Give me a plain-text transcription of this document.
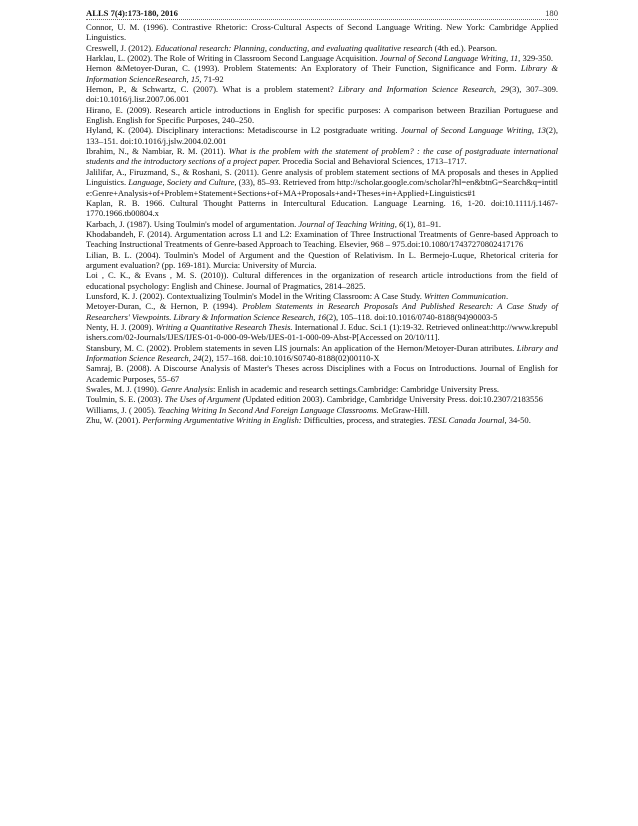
ALLS 7(4):173-180, 2016	180

Connor, U. M. (1996). Contrastive Rhetoric: Cross-Cultural Aspects of Second Language Writing. New York: Cambridge Applied Linguistics.

Creswell, J. (2012). Educational research: Planning, conducting, and evaluating qualitative research (4th ed.). Pearson.

Harklau, L. (2002). The Role of Writing in Classroom Second Language Acquisition. Journal of Second Language Writing, 11, 329-350.

Hernon &Metoyer-Duran, C. (1993). Problem Statements: An Exploratory of Their Function, Significance and Form. Library & Information ScienceResearch, 15, 71-92

Hernon, P., & Schwartz, C. (2007). What is a problem statement? Library and Information Science Research, 29(3), 307–309. doi:10.1016/j.lisr.2007.06.001

Hirano, E. (2009). Research article introductions in English for specific purposes: A comparison between Brazilian Portuguese and English. English for Specific Purposes, 240–250.

Hyland, K. (2004). Disciplinary interactions: Metadiscourse in L2 postgraduate writing. Journal of Second Language Writing, 13(2), 133–151. doi:10.1016/j.jslw.2004.02.001

Ibrahim, N., & Nambiar, R. M. (2011). What is the problem with the statement of problem? : the case of postgraduate international students and the introductory sections of a project paper. Procedia Social and Behavioral Sciences, 1713–1717.

Jalilifar, A., Firuzmand, S., & Roshani, S. (2011). Genre analysis of problem statement sections of MA proposals and theses in Applied Linguistics. Language, Society and Culture, (33), 85–93. Retrieved from http://scholar.google.com/scholar?hl=en&btnG=Search&q=intitle:Genre+Analysis+of+Problem+Statement+Sections+of+MA+Proposals+and+Theses+in+Applied+Linguistics#1

Kaplan, R. B. 1966. Cultural Thought Patterns in Intercultural Education. Language Learning. 16, 1-20. doi:10.1111/j.1467-1770.1966.tb00804.x

Karbach, J. (1987). Using Toulmin's model of argumentation. Journal of Teaching Writing, 6(1), 81–91.

Khodabandeh, F. (2014). Argumentation across L1 and L2: Examination of Three Instructional Treatments of Genre-based Approach to Teaching Instructional Treatments of Genre-based Approach to Teaching. Elsevier, 968 – 975.doi:10.1080/17437270802417176

Lilian, B. L. (2004). Toulmin's Model of Argument and the Question of Relativism. In L. Bermejo-Luque, Rhetorical criteria for argument evaluation? (pp. 169-181). Murcia: University of Murcia.

Loi , C. K., & Evans , M. S. (2010)). Cultural differences in the organization of research article introductions from the field of educational psychology: English and Chinese. Journal of Pragmatics, 2814–2825.

Lunsford, K. J. (2002). Contextualizing Toulmin's Model in the Writing Classroom: A Case Study. Written Communication.

Metoyer-Duran, C., & Hernon, P. (1994). Problem Statements in Research Proposals And Published Research: A Case Study of Researchers' Viewpoints. Library & Information Science Research, 16(2), 105–118. doi:10.1016/0740-8188(94)90003-5

Nenty, H. J. (2009). Writing a Quantitative Research Thesis. International J. Educ. Sci.1 (1):19-32. Retrieved onlineat:http://www.krepublishers.com/02-Journals/IJES/IJES-01-0-000-09-Web/IJES-01-1-000-09-Abst-P[Accessed on 20/10/11].

Stansbury, M. C. (2002). Problem statements in seven LIS journals: An application of the Hernon/Metoyer-Duran attributes. Library and Information Science Research, 24(2), 157–168. doi:10.1016/S0740-8188(02)00110-X

Samraj, B. (2008). A Discourse Analysis of Master's Theses across Disciplines with a Focus on Introductions. Journal of English for Academic Purposes, 55–67

Swales, M. J. (1990). Genre Analysis: Enlish in academic and research settings.Cambridge: Cambridge University Press.

Toulmin, S. E. (2003). The Uses of Argument (Updated edition 2003). Cambridge, Cambridge University Press. doi:10.2307/2183556

Williams, J. ( 2005). Teaching Writing In Second And Foreign Language Classrooms. McGraw-Hill.

Zhu, W. (2001). Performing Argumentative Writing in English: Difficulties, process, and strategies. TESL Canada Journal, 34-50.
